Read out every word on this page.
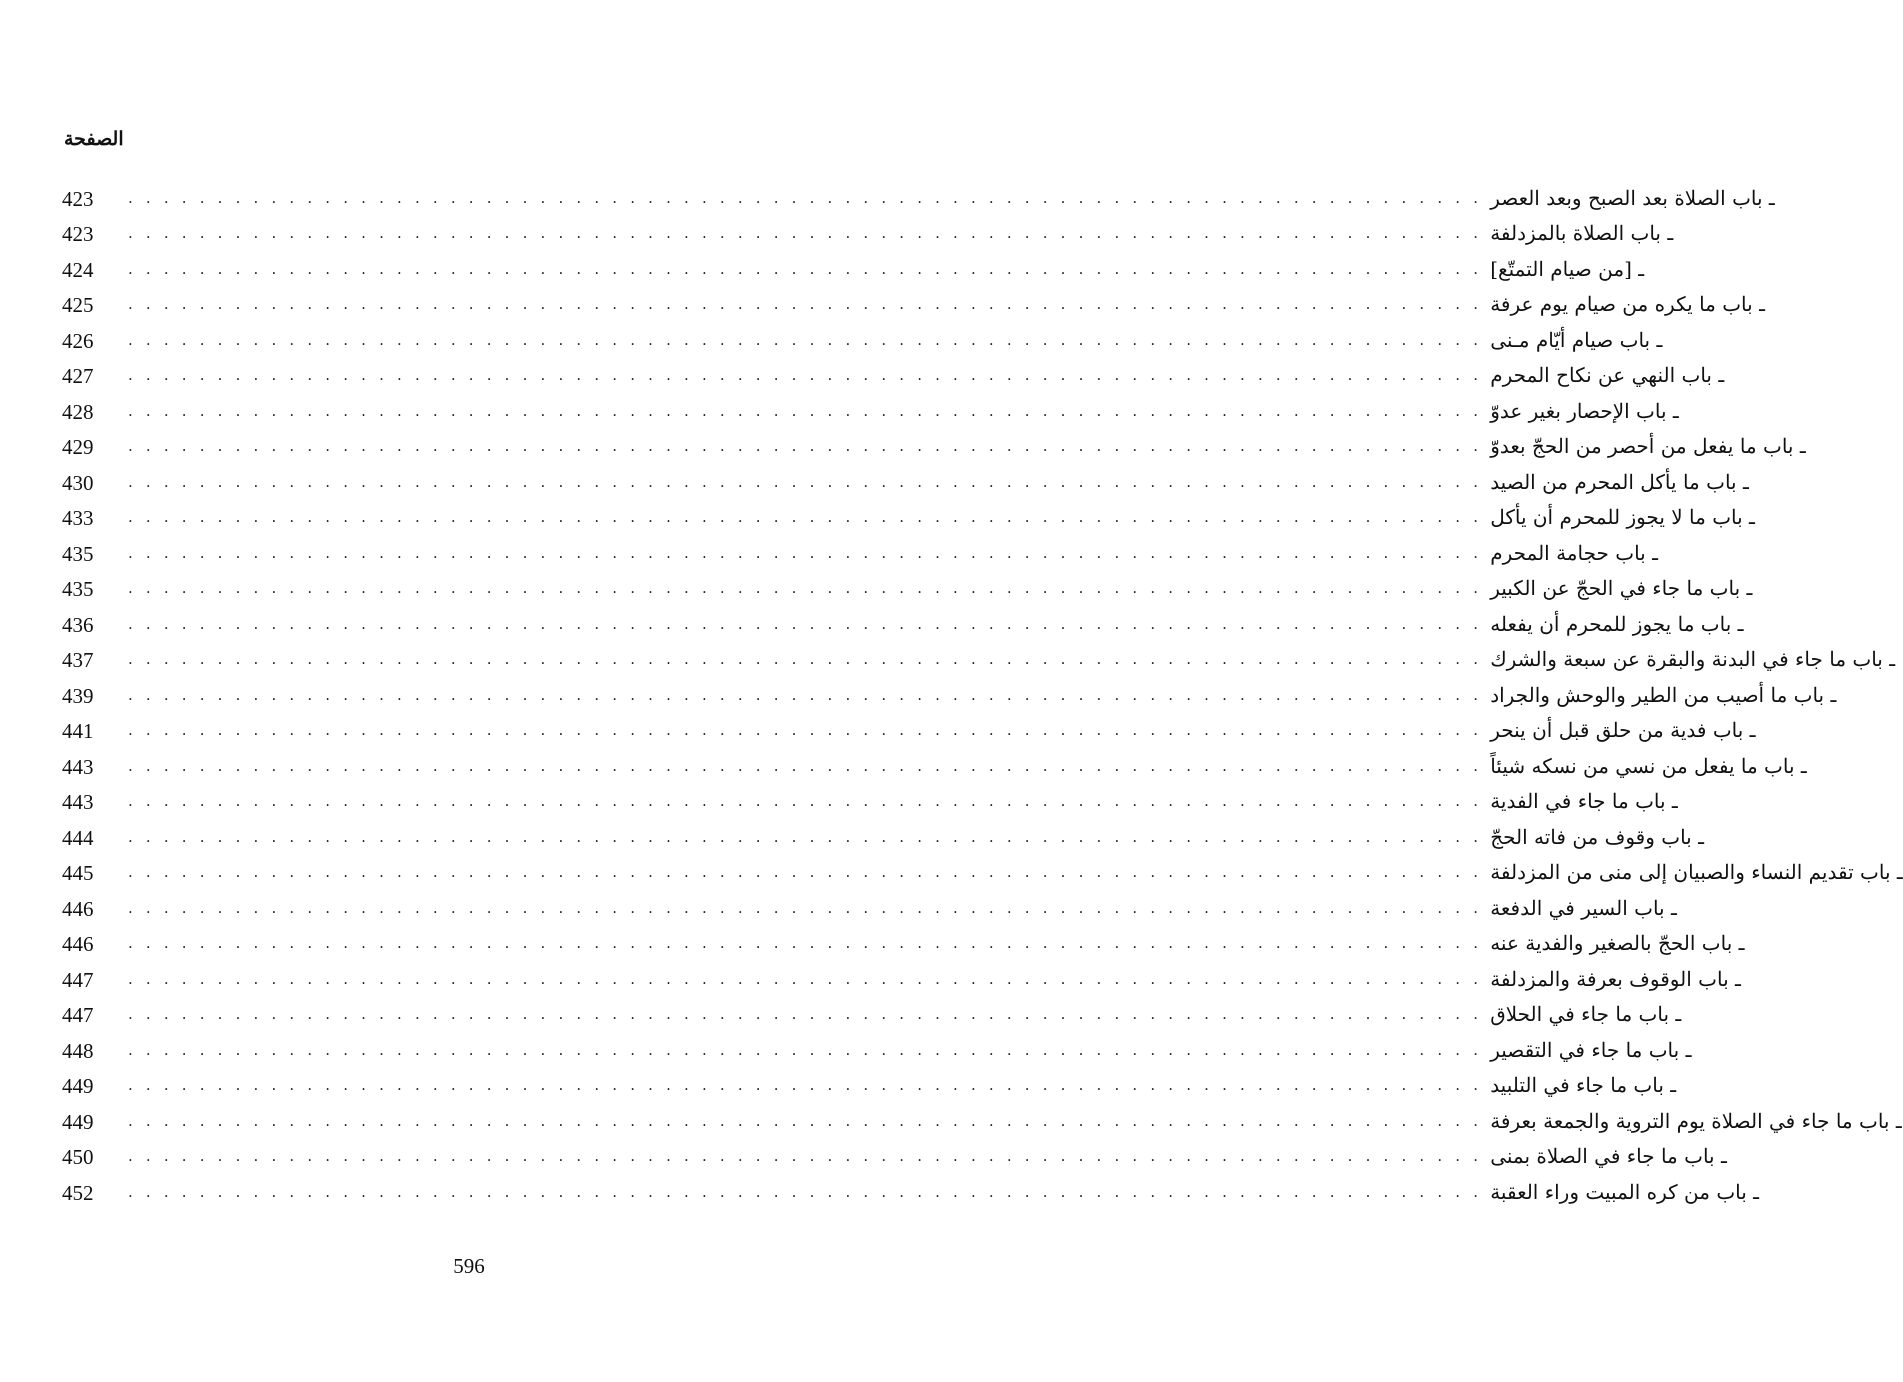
الصفحة
423	. . . . . . . . . . . . . . . . . . . . . . . . . . . . . . . . . . . . . . . . . . . . . . . . . . . . . . . . . . . . . . . . . . . . . . . . . . . . ـ باب الصلاة بعد الصبح وبعد العصر
423	. . . . . . . . . . . . . . . . . . . . . . . . . . . . . . . . . . . . . . . . . . . . . . . . . . . . . . . . . . . . . . . . . . . . . . . . . . . . ـ باب الصلاة بالمزدلفة
424	. . . . . . . . . . . . . . . . . . . . . . . . . . . . . . . . . . . . . . . . . . . . . . . . . . . . . . . . . . . . . . . . . . . . . . . . . . . . ـ [من صيام التمتّع]
425	. . . . . . . . . . . . . . . . . . . . . . . . . . . . . . . . . . . . . . . . . . . . . . . . . . . . . . . . . . . . . . . . . . . . . . . . . . . . ـ باب ما يكره من صيام يوم عرفة
426	. . . . . . . . . . . . . . . . . . . . . . . . . . . . . . . . . . . . . . . . . . . . . . . . . . . . . . . . . . . . . . . . . . . . . . . . . . . . ـ باب صيام أيّام مـنى
427	. . . . . . . . . . . . . . . . . . . . . . . . . . . . . . . . . . . . . . . . . . . . . . . . . . . . . . . . . . . . . . . . . . . . . . . . . . . . ـ باب النهي عن نكاح المحرم
428	. . . . . . . . . . . . . . . . . . . . . . . . . . . . . . . . . . . . . . . . . . . . . . . . . . . . . . . . . . . . . . . . . . . . . . . . . . . . ـ باب الإحصار بغير عدوّ
429	. . . . . . . . . . . . . . . . . . . . . . . . . . . . . . . . . . . . . . . . . . . . . . . . . . . . . . . . . . . . . . . . . . . . . . . . . . . . ـ باب ما يفعل من أحصر من الحجّ بعدوّ
430	. . . . . . . . . . . . . . . . . . . . . . . . . . . . . . . . . . . . . . . . . . . . . . . . . . . . . . . . . . . . . . . . . . . . . . . . . . . . ـ باب ما يأكل المحرم من الصيد
433	. . . . . . . . . . . . . . . . . . . . . . . . . . . . . . . . . . . . . . . . . . . . . . . . . . . . . . . . . . . . . . . . . . . . . . . . . . . . ـ باب ما لا يجوز للمحرم أن يأكل
435	. . . . . . . . . . . . . . . . . . . . . . . . . . . . . . . . . . . . . . . . . . . . . . . . . . . . . . . . . . . . . . . . . . . . . . . . . . . . ـ باب حجامة المحرم
435	. . . . . . . . . . . . . . . . . . . . . . . . . . . . . . . . . . . . . . . . . . . . . . . . . . . . . . . . . . . . . . . . . . . . . . . . . . . . ـ باب ما جاء في الحجّ عن الكبير
436	. . . . . . . . . . . . . . . . . . . . . . . . . . . . . . . . . . . . . . . . . . . . . . . . . . . . . . . . . . . . . . . . . . . . . . . . . . . . ـ باب ما يجوز للمحرم أن يفعله
437	. . . . . . . . . . . . . . . . . . . . . . . . . . . . . . . . . . . . . . . . . . . . . . . . . . . . . . . . . . . . . . . . . . . . . . . . . . . . ـ باب ما جاء في البدنة والبقرة عن سبعة والشرك
439	. . . . . . . . . . . . . . . . . . . . . . . . . . . . . . . . . . . . . . . . . . . . . . . . . . . . . . . . . . . . . . . . . . . . . . . . . . . . ـ باب ما أصيب من الطير والوحش والجراد
441	. . . . . . . . . . . . . . . . . . . . . . . . . . . . . . . . . . . . . . . . . . . . . . . . . . . . . . . . . . . . . . . . . . . . . . . . . . . . ـ باب فدية من حلق قبل أن ينحر
443	. . . . . . . . . . . . . . . . . . . . . . . . . . . . . . . . . . . . . . . . . . . . . . . . . . . . . . . . . . . . . . . . . . . . . . . . . . . . ـ باب ما يفعل من نسي من نسكه شيئاً
443	. . . . . . . . . . . . . . . . . . . . . . . . . . . . . . . . . . . . . . . . . . . . . . . . . . . . . . . . . . . . . . . . . . . . . . . . . . . . ـ باب ما جاء في الفدية
444	. . . . . . . . . . . . . . . . . . . . . . . . . . . . . . . . . . . . . . . . . . . . . . . . . . . . . . . . . . . . . . . . . . . . . . . . . . . . ـ باب وقوف من فاته الحجّ
445	. . . . . . . . . . . . . . . . . . . . . . . . . . . . . . . . . . . . . . . . . . . . . . . . . . . . . . . . . . . . . . . . . . . . . . . . . . . . ـ باب تقديم النساء والصبيان إلى منى من المزدلفة
446	. . . . . . . . . . . . . . . . . . . . . . . . . . . . . . . . . . . . . . . . . . . . . . . . . . . . . . . . . . . . . . . . . . . . . . . . . . . . ـ باب السير في الدفعة
446	. . . . . . . . . . . . . . . . . . . . . . . . . . . . . . . . . . . . . . . . . . . . . . . . . . . . . . . . . . . . . . . . . . . . . . . . . . . . ـ باب الحجّ بالصغير والفدية عنه
447	. . . . . . . . . . . . . . . . . . . . . . . . . . . . . . . . . . . . . . . . . . . . . . . . . . . . . . . . . . . . . . . . . . . . . . . . . . . . ـ باب الوقوف بعرفة والمزدلفة
447	. . . . . . . . . . . . . . . . . . . . . . . . . . . . . . . . . . . . . . . . . . . . . . . . . . . . . . . . . . . . . . . . . . . . . . . . . . . . ـ باب ما جاء في الحلاق
448	. . . . . . . . . . . . . . . . . . . . . . . . . . . . . . . . . . . . . . . . . . . . . . . . . . . . . . . . . . . . . . . . . . . . . . . . . . . . ـ باب ما جاء في التقصير
449	. . . . . . . . . . . . . . . . . . . . . . . . . . . . . . . . . . . . . . . . . . . . . . . . . . . . . . . . . . . . . . . . . . . . . . . . . . . . ـ باب ما جاء في التلبيد
449	. . . . . . . . . . . . . . . . . . . . . . . . . . . . . . . . . . . . . . . . . . . . . . . . . . . . . . . . . . . . . . . . . . . . . . . . . . . . ـ باب ما جاء في الصلاة يوم التروية والجمعة بعرفة
450	. . . . . . . . . . . . . . . . . . . . . . . . . . . . . . . . . . . . . . . . . . . . . . . . . . . . . . . . . . . . . . . . . . . . . . . . . . . . ـ باب ما جاء في الصلاة بمنى
452	. . . . . . . . . . . . . . . . . . . . . . . . . . . . . . . . . . . . . . . . . . . . . . . . . . . . . . . . . . . . . . . . . . . . . . . . . . . . ـ باب من كره المبيت وراء العقبة
596
